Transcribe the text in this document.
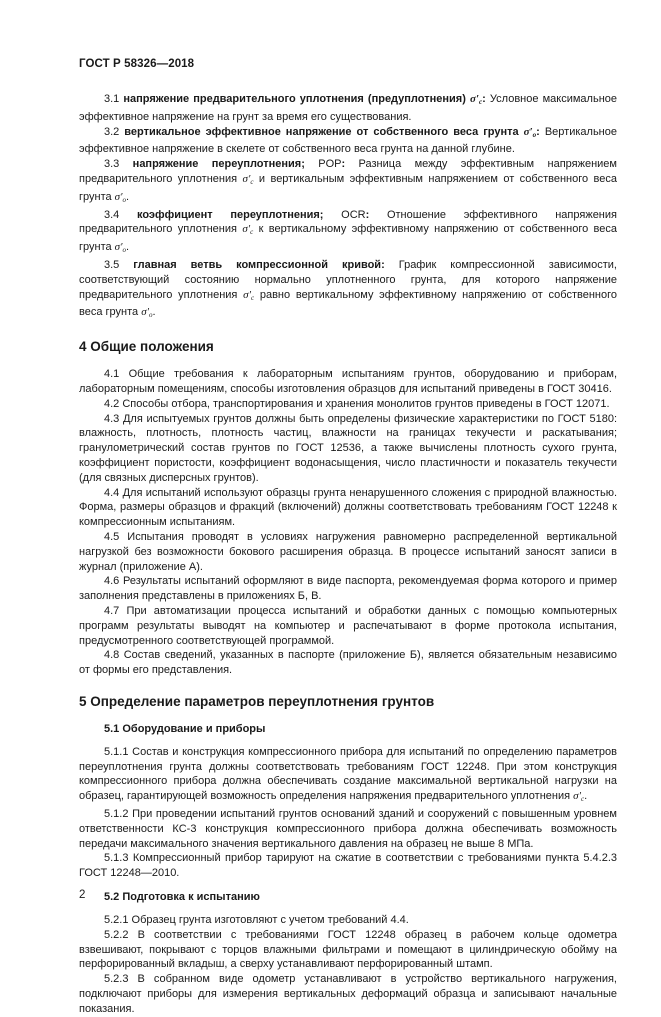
ГОСТ Р 58326—2018

3.1 напряжение предварительного уплотнения (предуплотнения) $\sigma'_c$: Условное максимальное эффективное напряжение на грунт за время его существования.

3.2 вертикальное эффективное напряжение от собственного веса грунта $\sigma'_o$: Вертикальное эффективное напряжение в скелете от собственного веса грунта на данной глубине.

3.3 напряжение переуплотнения; POP: Разница между эффективным напряжением предварительного уплотнения $\sigma'_c$ и вертикальным эффективным напряжением от собственного веса грунта $\sigma'_o$.

3.4 коэффициент переуплотнения; OCR: Отношение эффективного напряжения предварительного уплотнения $\sigma'_c$ к вертикальному эффективному напряжению от собственного веса грунта $\sigma'_o$.

3.5 главная ветвь компрессионной кривой: График компрессионной зависимости, соответствующий состоянию нормально уплотненного грунта, для которого напряжение предварительного уплотнения $\sigma'_c$ равно вертикальному эффективному напряжению от собственного веса грунта $\sigma'_o$.

4 Общие положения

4.1 Общие требования к лабораторным испытаниям грунтов, оборудованию и приборам, лабораторным помещениям, способы изготовления образцов для испытаний приведены в ГОСТ 30416.

4.2 Способы отбора, транспортирования и хранения монолитов грунтов приведены в ГОСТ 12071.

4.3 Для испытуемых грунтов должны быть определены физические характеристики по ГОСТ 5180: влажность, плотность, плотность частиц, влажности на границах текучести и раскатывания; гранулометрический состав грунтов по ГОСТ 12536, а также вычислены плотность сухого грунта, коэффициент пористости, коэффициент водонасыщения, число пластичности и показатель текучести (для связных дисперсных грунтов).

4.4 Для испытаний используют образцы грунта ненарушенного сложения с природной влажностью. Форма, размеры образцов и фракций (включений) должны соответствовать требованиям ГОСТ 12248 к компрессионным испытаниям.

4.5 Испытания проводят в условиях нагружения равномерно распределенной вертикальной нагрузкой без возможности бокового расширения образца. В процессе испытаний заносят записи в журнал (приложение А).

4.6 Результаты испытаний оформляют в виде паспорта, рекомендуемая форма которого и пример заполнения представлены в приложениях Б, В.

4.7 При автоматизации процесса испытаний и обработки данных с помощью компьютерных программ результаты выводят на компьютер и распечатывают в форме протокола испытания, предусмотренного соответствующей программой.

4.8 Состав сведений, указанных в паспорте (приложение Б), является обязательным независимо от формы его представления.

5 Определение параметров переуплотнения грунтов
5.1 Оборудование и приборы

5.1.1 Состав и конструкция компрессионного прибора для испытаний по определению параметров переуплотнения грунта должны соответствовать требованиям ГОСТ 12248. При этом конструкция компрессионного прибора должна обеспечивать создание максимальной вертикальной нагрузки на образец, гарантирующей возможность определения напряжения предварительного уплотнения $\sigma'_c$.

5.1.2 При проведении испытаний грунтов оснований зданий и сооружений с повышенным уровнем ответственности КС-3 конструкция компрессионного прибора должна обеспечивать возможность передачи максимального значения вертикального давления на образец не выше 8 МПа.

5.1.3 Компрессионный прибор тарируют на сжатие в соответствии с требованиями пункта 5.4.2.3 ГОСТ 12248—2010.

5.2 Подготовка к испытанию

5.2.1 Образец грунта изготовляют с учетом требований 4.4.

5.2.2 В соответствии с требованиями ГОСТ 12248 образец в рабочем кольце одометра взвешивают, покрывают с торцов влажными фильтрами и помещают в цилиндрическую обойму на перфорированный вкладыш, а сверху устанавливают перфорированный штамп.

5.2.3 В собранном виде одометр устанавливают в устройство вертикального нагружения, подключают приборы для измерения вертикальных деформаций образца и записывают начальные показания.

2
